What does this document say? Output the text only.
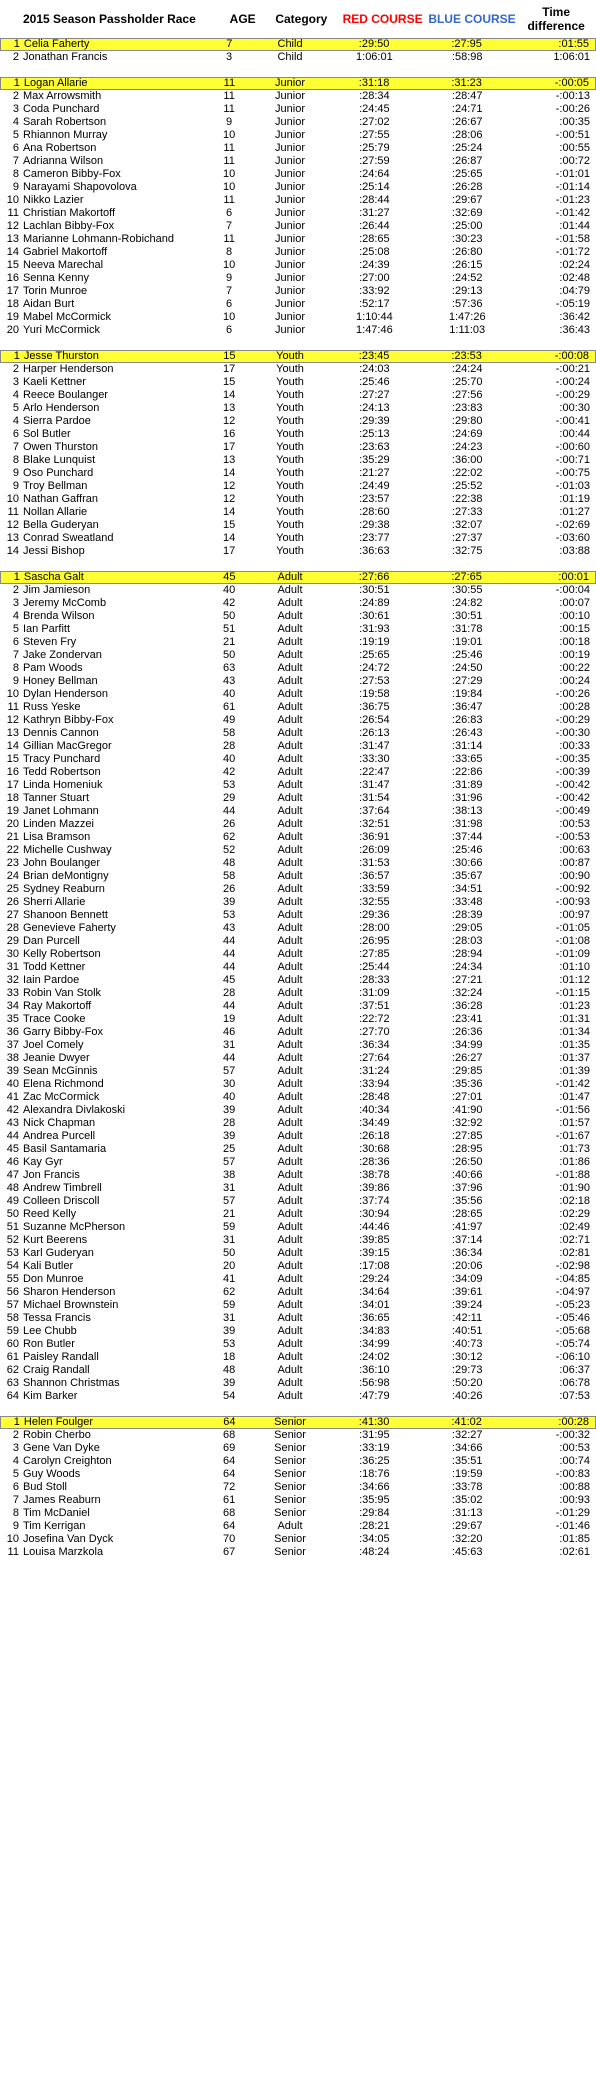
2015 Season Passholder Race	AGE	Category	RED COURSE BLUE COURSE	Time difference
1 Celia Faherty	7	Child	:29:50	:27:95	:01:55
2 Jonathan Francis	3	Child	1:06:01	:58:98	1:06:01
1 Logan Allarie	11	Junior	:31:18	:31:23	-:00:05
2 Max Arrowsmith	11	Junior	:28:34	:28:47	-:00:13
3 Coda Punchard	11	Junior	:24:45	:24:71	-:00:26
4 Sarah Robertson	9	Junior	:27:02	:26:67	:00:35
5 Rhiannon Murray	10	Junior	:27:55	:28:06	-:00:51
6 Ana Robertson	11	Junior	:25:79	:25:24	:00:55
7 Adrianna Wilson	11	Junior	:27:59	:26:87	:00:72
8 Cameron Bibby-Fox	10	Junior	:24:64	:25:65	-:01:01
9 Narayami Shapovolova	10	Junior	:25:14	:26:28	-:01:14
10 Nikko Lazier	11	Junior	:28:44	:29:67	-:01:23
11 Christian Makortoff	6	Junior	:31:27	:32:69	-:01:42
12 Lachlan Bibby-Fox	7	Junior	:26:44	:25:00	:01:44
13 Marianne Lohmann-Robichand	11	Junior	:28:65	:30:23	-:01:58
14 Gabriel Makortoff	8	Junior	:25:08	:26:80	-:01:72
15 Neeva Marechal	10	Junior	:24:39	:26:15	:02:24
16 Senna Kenny	9	Junior	:27:00	:24:52	:02:48
17 Torin Munroe	7	Junior	:33:92	:29:13	:04:79
18 Aidan Burt	6	Junior	:52:17	:57:36	-:05:19
19 Mabel McCormick	10	Junior	1:10:44	1:47:26	:36:42
20 Yuri McCormick	6	Junior	1:47:46	1:11:03	:36:43
1 Jesse Thurston	15	Youth	:23:45	:23:53	-:00:08
2 Harper Henderson	17	Youth	:24:03	:24:24	-:00:21
3 Kaeli Kettner	15	Youth	:25:46	:25:70	-:00:24
4 Reece Boulanger	14	Youth	:27:27	:27:56	-:00:29
5 Arlo Henderson	13	Youth	:24:13	:23:83	:00:30
4 Sierra Pardoe	12	Youth	:29:39	:29:80	-:00:41
6 Sol Butler	16	Youth	:25:13	:24:69	:00:44
7 Owen Thurston	17	Youth	:23:63	:24:23	-:00:60
8 Blake Lunquist	13	Youth	:35:29	:36:00	-:00:71
9 Oso Punchard	14	Youth	:21:27	:22:02	-:00:75
9 Troy Bellman	12	Youth	:24:49	:25:52	-:01:03
10 Nathan Gaffran	12	Youth	:23:57	:22:38	:01:19
11 Nollan Allarie	14	Youth	:28:60	:27:33	:01:27
12 Bella Guderyan	15	Youth	:29:38	:32:07	-:02:69
13 Conrad Sweatland	14	Youth	:23:77	:27:37	-:03:60
14 Jessi Bishop	17	Youth	:36:63	:32:75	:03:88
1 Sascha Galt	45	Adult	:27:66	:27:65	:00:01
2 Jim Jamieson	40	Adult	:30:51	:30:55	-:00:04
3 Jeremy McComb	42	Adult	:24:89	:24:82	:00:07
4 Brenda Wilson	50	Adult	:30:61	:30:51	:00:10
5 Ian Parfitt	51	Adult	:31:93	:31:78	:00:15
6 Steven Fry	21	Adult	:19:19	:19:01	:00:18
7 Jake Zondervan	50	Adult	:25:65	:25:46	:00:19
8 Pam Woods	63	Adult	:24:72	:24:50	:00:22
9 Honey Bellman	43	Adult	:27:53	:27:29	:00:24
10 Dylan Henderson	40	Adult	:19:58	:19:84	-:00:26
11 Russ Yeske	61	Adult	:36:75	:36:47	:00:28
12 Kathryn Bibby-Fox	49	Adult	:26:54	:26:83	-:00:29
13 Dennis Cannon	58	Adult	:26:13	:26:43	-:00:30
14 Gillian MacGregor	28	Adult	:31:47	:31:14	:00:33
15 Tracy Punchard	40	Adult	:33:30	:33:65	-:00:35
16 Tedd Robertson	42	Adult	:22:47	:22:86	-:00:39
17 Linda Homeniuk	53	Adult	:31:47	:31:89	-:00:42
18 Tanner Stuart	29	Adult	:31:54	:31:96	-:00:42
19 Janet Lohmann	44	Adult	:37:64	:38:13	-:00:49
20 Linden Mazzei	26	Adult	:32:51	:31:98	:00:53
21 Lisa Bramson	62	Adult	:36:91	:37:44	-:00:53
22 Michelle Cushway	52	Adult	:26:09	:25:46	:00:63
23 John Boulanger	48	Adult	:31:53	:30:66	:00:87
24 Brian deMontigny	58	Adult	:36:57	:35:67	:00:90
25 Sydney Reaburn	26	Adult	:33:59	:34:51	-:00:92
26 Sherri Allarie	39	Adult	:32:55	:33:48	-:00:93
27 Shanoon Bennett	53	Adult	:29:36	:28:39	:00:97
28 Genevieve Faherty	43	Adult	:28:00	:29:05	-:01:05
29 Dan Purcell	44	Adult	:26:95	:28:03	-:01:08
30 Kelly Robertson	44	Adult	:27:85	:28:94	-:01:09
31 Todd Kettner	44	Adult	:25:44	:24:34	:01:10
32 Iain Pardoe	45	Adult	:28:33	:27:21	:01:12
33 Robin Van Stolk	28	Adult	:31:09	:32:24	-:01:15
34 Ray Makortoff	44	Adult	:37:51	:36:28	:01:23
35 Trace Cooke	19	Adult	:22:72	:23:41	:01:31
36 Garry Bibby-Fox	46	Adult	:27:70	:26:36	:01:34
37 Joel Comely	31	Adult	:36:34	:34:99	:01:35
38 Jeanie Dwyer	44	Adult	:27:64	:26:27	:01:37
39 Sean McGinnis	57	Adult	:31:24	:29:85	:01:39
40 Elena Richmond	30	Adult	:33:94	:35:36	-:01:42
41 Zac McCormick	40	Adult	:28:48	:27:01	:01:47
42 Alexandra Divlakoski	39	Adult	:40:34	:41:90	-:01:56
43 Nick Chapman	28	Adult	:34:49	:32:92	:01:57
44 Andrea Purcell	39	Adult	:26:18	:27:85	-:01:67
45 Basil Santamaria	25	Adult	:30:68	:28:95	:01:73
46 Kay Gyr	57	Adult	:28:36	:26:50	:01:86
47 Jon Francis	38	Adult	:38:78	:40:66	-:01:88
48 Andrew Timbrell	31	Adult	:39:86	:37:96	:01:90
49 Colleen Driscoll	57	Adult	:37:74	:35:56	:02:18
50 Reed Kelly	21	Adult	:30:94	:28:65	:02:29
51 Suzanne McPherson	59	Adult	:44:46	:41:97	:02:49
52 Kurt Beerens	31	Adult	:39:85	:37:14	:02:71
53 Karl Guderyan	50	Adult	:39:15	:36:34	:02:81
54 Kali Butler	20	Adult	:17:08	:20:06	-:02:98
55 Don Munroe	41	Adult	:29:24	:34:09	-:04:85
56 Sharon Henderson	62	Adult	:34:64	:39:61	-:04:97
57 Michael Brownstein	59	Adult	:34:01	:39:24	-:05:23
58 Tessa Francis	31	Adult	:36:65	:42:11	-:05:46
59 Lee Chubb	39	Adult	:34:83	:40:51	-:05:68
60 Ron Butler	53	Adult	:34:99	:40:73	-:05:74
61 Paisley Randall	18	Adult	:24:02	:30:12	-:06:10
62 Craig Randall	48	Adult	:36:10	:29:73	:06:37
63 Shannon Christmas	39	Adult	:56:98	:50:20	:06:78
64 Kim Barker	54	Adult	:47:79	:40:26	:07:53
1 Helen Foulger	64	Senior	:41:30	:41:02	:00:28
2 Robin Cherbo	68	Senior	:31:95	:32:27	-:00:32
3 Gene Van Dyke	69	Senior	:33:19	:34:66	:00:53
4 Carolyn Creighton	64	Senior	:36:25	:35:51	:00:74
5 Guy Woods	64	Senior	:18:76	:19:59	-:00:83
6 Bud Stoll	72	Senior	:34:66	:33:78	:00:88
7 James Reaburn	61	Senior	:35:95	:35:02	:00:93
8 Tim McDaniel	68	Senior	:29:84	:31:13	-:01:29
9 Tim Kerrigan	64	Adult	:28:21	:29:67	-:01:46
10 Josefina Van Dyck	70	Senior	:34:05	:32:20	:01:85
11 Louisa Marzkola	67	Senior	:48:24	:45:63	:02:61
